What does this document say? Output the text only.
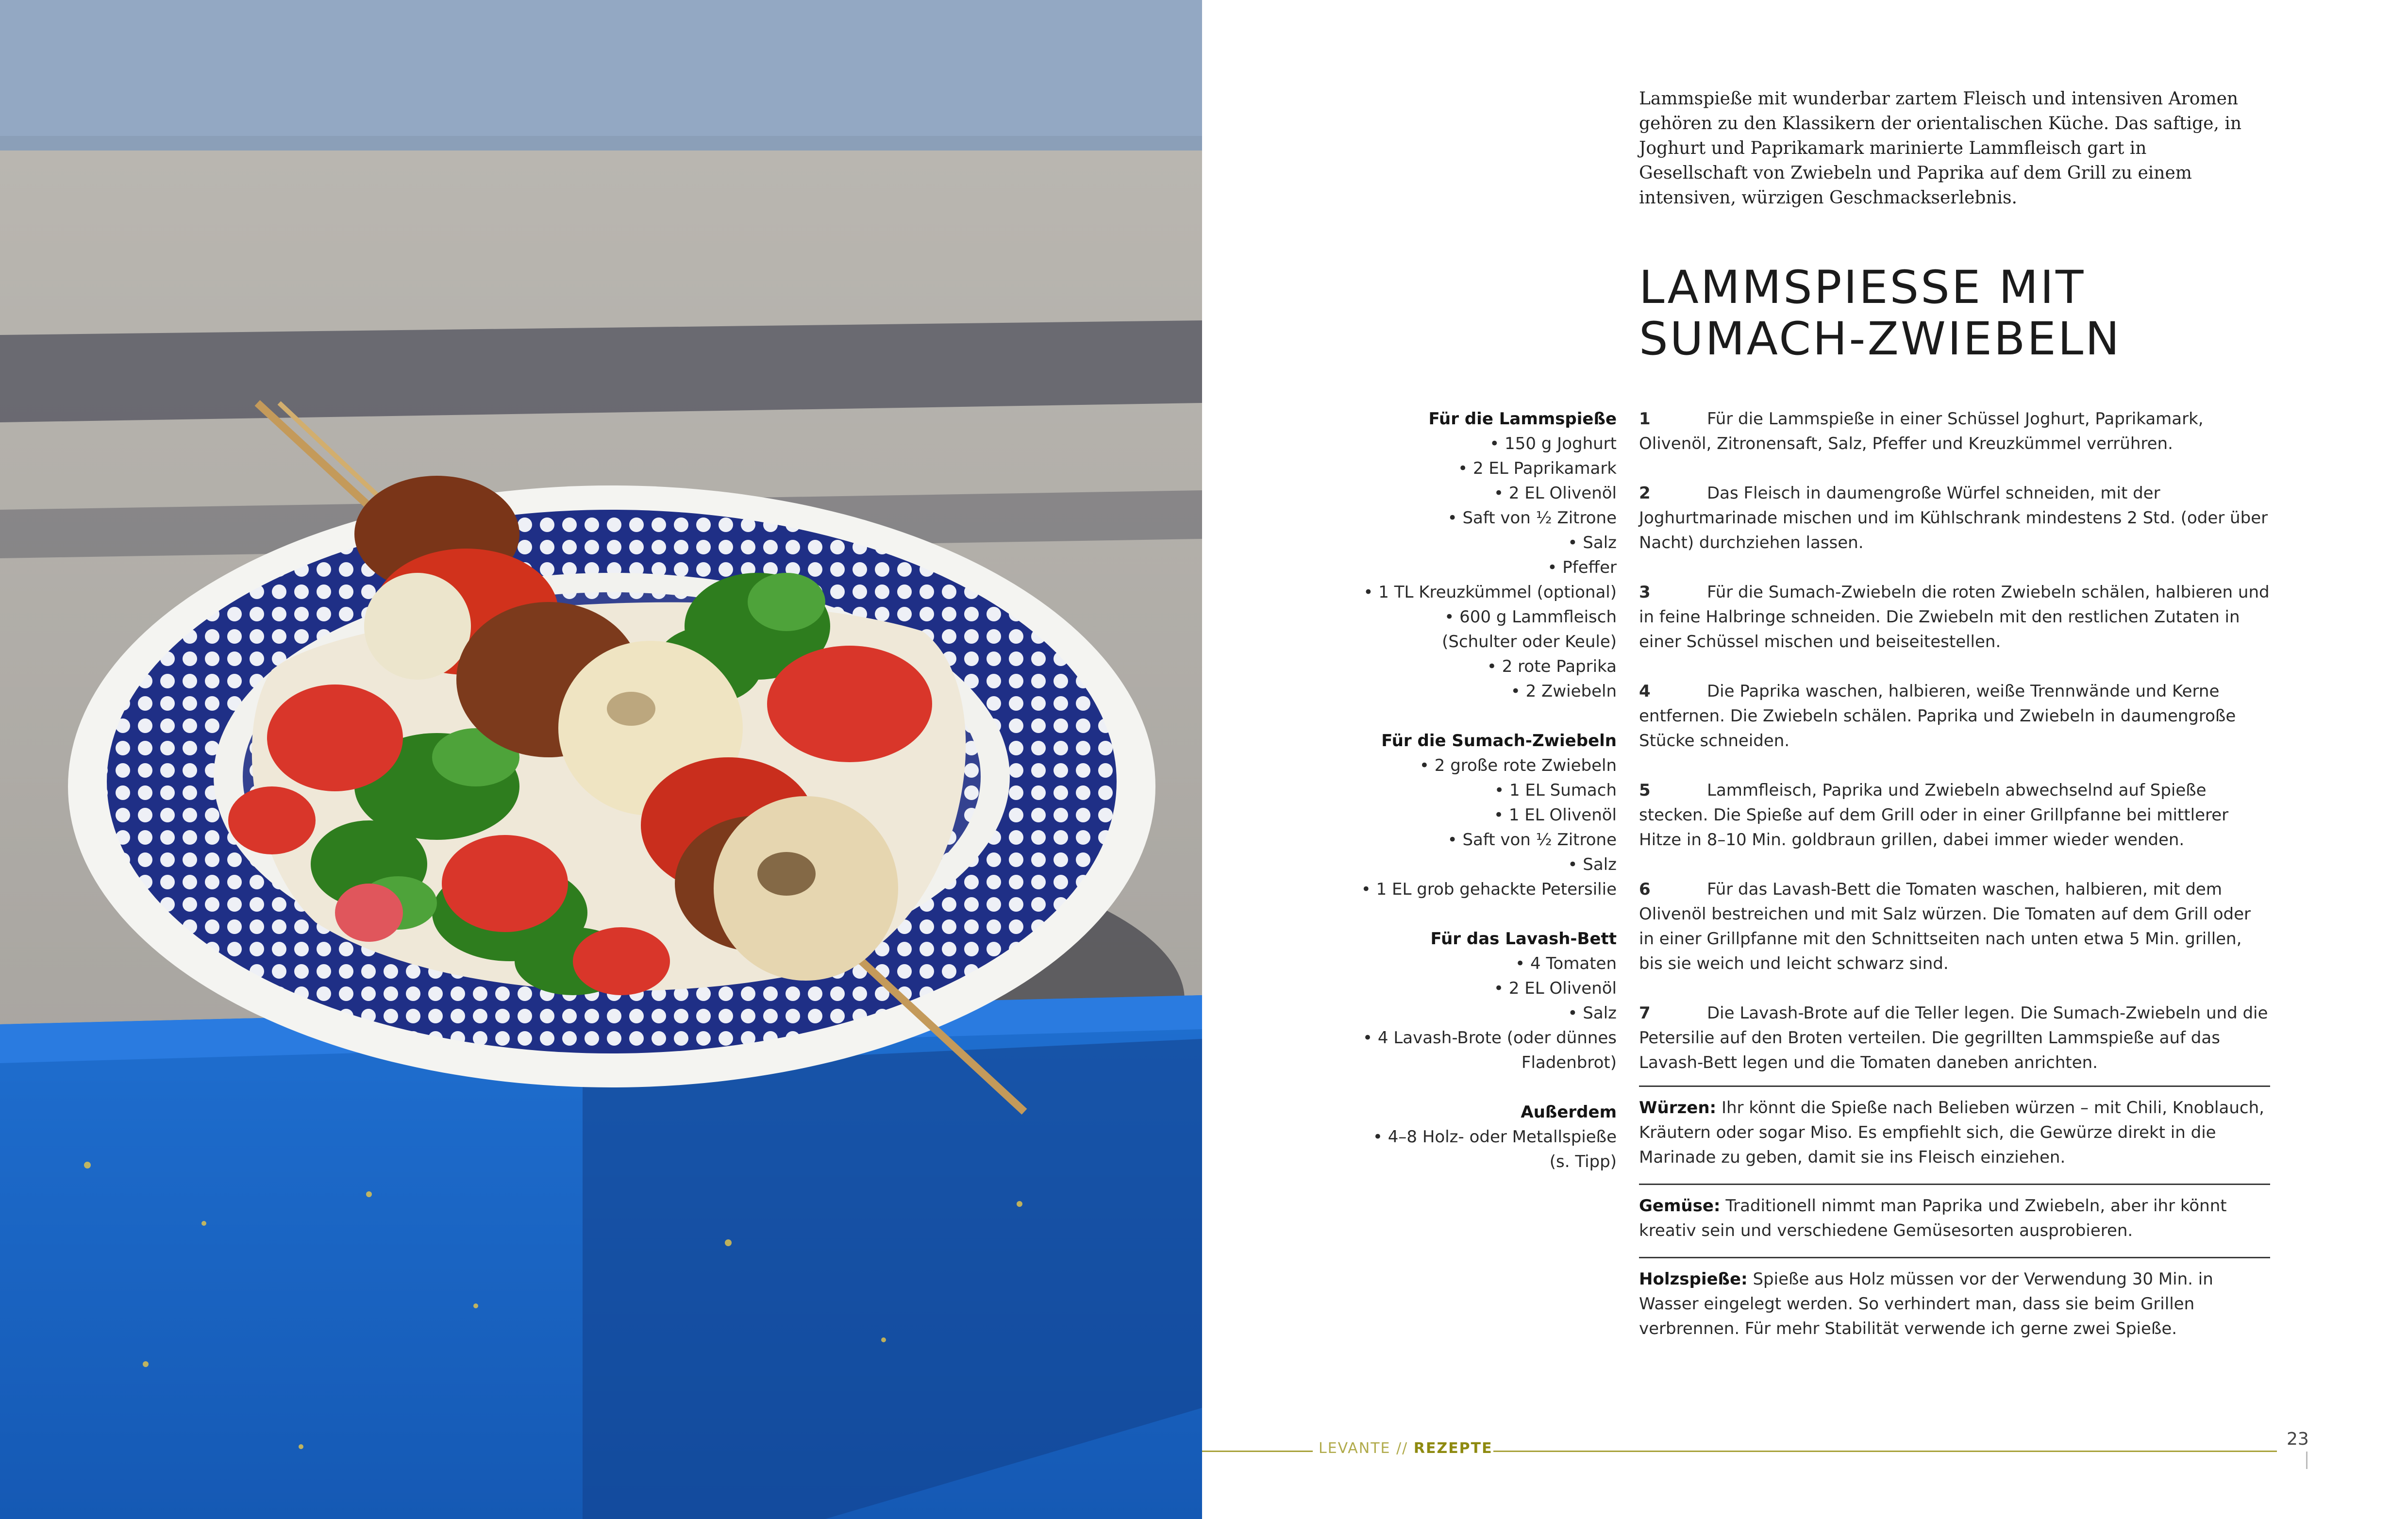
Lammspieße mit wunderbar zartem Fleisch und intensiven Aromen gehören zu den Klassikern der orientalischen Küche. Das saftige, in Joghurt und Paprikamark marinierte Lammfleisch gart in Gesellschaft von Zwiebeln und Paprika auf dem Grill zu einem intensiven, würzigen Geschmackserlebnis.
LAMMSPIESSE MIT
SUMACH-ZWIEBELN
Für die Lammspieße
• 150 g Joghurt
• 2 EL Paprikamark
• 2 EL Olivenöl
• Saft von ½ Zitrone
• Salz
• Pfeffer
• 1 TL Kreuzkümmel (optional)
• 600 g Lammfleisch
(Schulter oder Keule)
• 2 rote Paprika
• 2 Zwiebeln
Für die Sumach-Zwiebeln
• 2 große rote Zwiebeln
• 1 EL Sumach
• 1 EL Olivenöl
• Saft von ½ Zitrone
• Salz
• 1 EL grob gehackte Petersilie
Für das Lavash-Bett
• 4 Tomaten
• 2 EL Olivenöl
• Salz
• 4 Lavash-Brote (oder dünnes
Fladenbrot)
Außerdem
• 4–8 Holz- oder Metallspieße
(s. Tipp)
1	Für die Lammspieße in einer Schüssel Joghurt, Paprikamark, Olivenöl, Zitronensaft, Salz, Pfeffer und Kreuzkümmel verrühren.
2	Das Fleisch in daumengroße Würfel schneiden, mit der Joghurtmarinade mischen und im Kühlschrank mindestens 2 Std. (oder über Nacht) durchziehen lassen.
3	Für die Sumach-Zwiebeln die roten Zwiebeln schälen, halbieren und in feine Halbringe schneiden. Die Zwiebeln mit den restlichen Zutaten in einer Schüssel mischen und beiseitestellen.
4	Die Paprika waschen, halbieren, weiße Trennwände und Kerne entfernen. Die Zwiebeln schälen. Paprika und Zwiebeln in daumengroße Stücke schneiden.
5	Lammfleisch, Paprika und Zwiebeln abwechselnd auf Spieße stecken. Die Spieße auf dem Grill oder in einer Grillpfanne bei mittlerer Hitze in 8–10 Min. goldbraun grillen, dabei immer wieder wenden.
6	Für das Lavash-Bett die Tomaten waschen, halbieren, mit dem Olivenöl bestreichen und mit Salz würzen. Die Tomaten auf dem Grill oder in einer Grillpfanne mit den Schnittseiten nach unten etwa 5 Min. grillen, bis sie weich und leicht schwarz sind.
7	Die Lavash-Brote auf die Teller legen. Die Sumach-Zwiebeln und die Petersilie auf den Broten verteilen. Die gegrillten Lammspieße auf das Lavash-Bett legen und die Tomaten daneben anrichten.
Würzen: Ihr könnt die Spieße nach Belieben würzen – mit Chili, Knoblauch, Kräutern oder sogar Miso. Es empfiehlt sich, die Gewürze direkt in die Marinade zu geben, damit sie ins Fleisch einziehen.
Gemüse: Traditionell nimmt man Paprika und Zwiebeln, aber ihr könnt kreativ sein und verschiedene Gemüsesorten ausprobieren.
Holzspieße: Spieße aus Holz müssen vor der Verwendung 30 Min. in Wasser eingelegt werden. So verhindert man, dass sie beim Grillen verbrennen. Für mehr Stabilität verwende ich gerne zwei Spieße.
LEVANTE // REZEPTE	23
